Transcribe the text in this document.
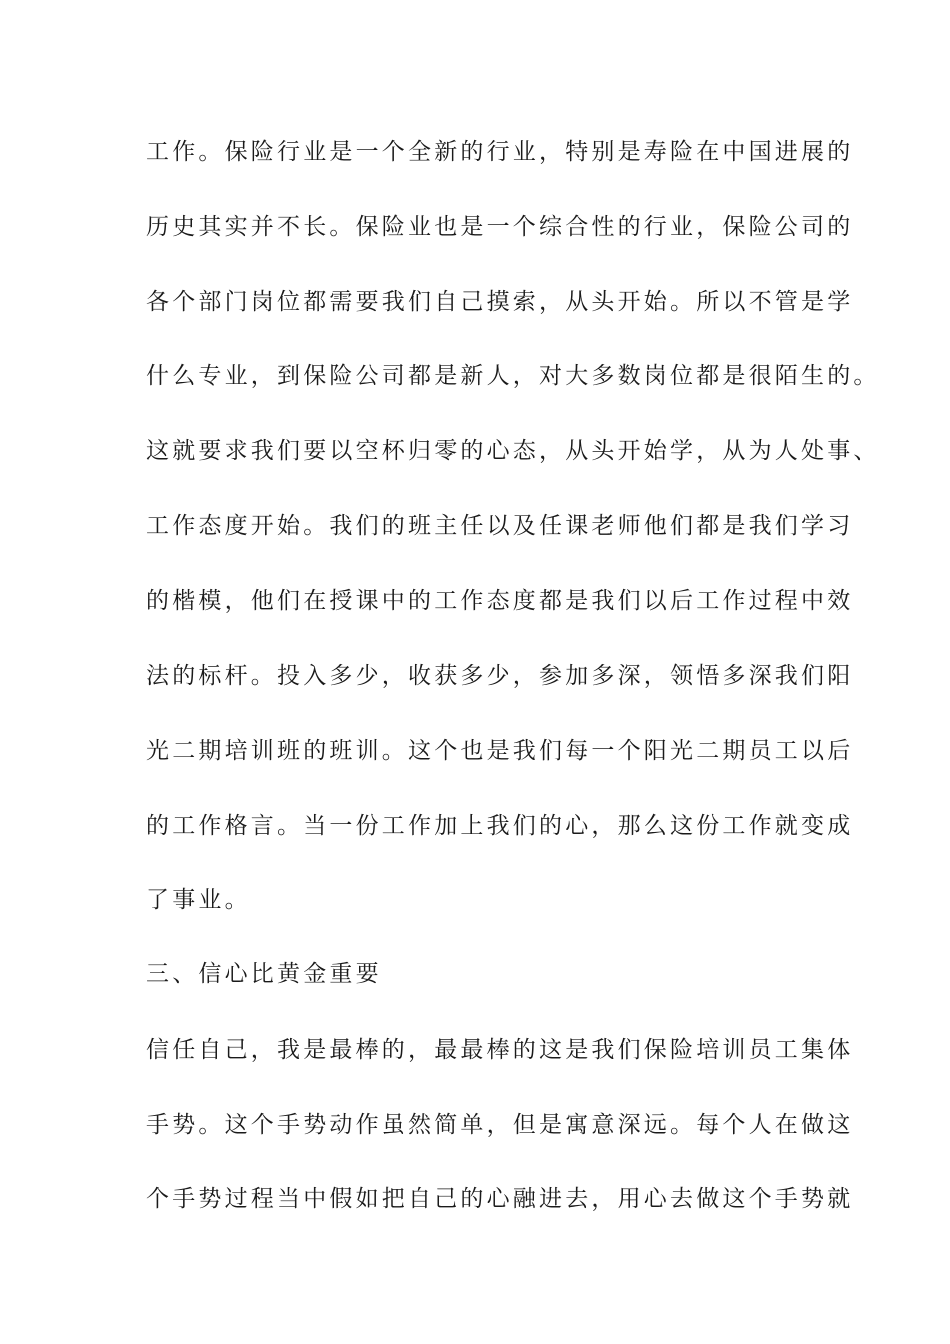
工作。保险行业是一个全新的行业，特别是寿险在中国进展的
历史其实并不长。保险业也是一个综合性的行业，保险公司的
各个部门岗位都需要我们自己摸索，从头开始。所以不管是学
什么专业，到保险公司都是新人，对大多数岗位都是很陌生的。
这就要求我们要以空杯归零的心态，从头开始学，从为人处事、
工作态度开始。我们的班主任以及任课老师他们都是我们学习
的楷模，他们在授课中的工作态度都是我们以后工作过程中效
法的标杆。投入多少，收获多少，参加多深，领悟多深我们阳
光二期培训班的班训。这个也是我们每一个阳光二期员工以后
的工作格言。当一份工作加上我们的心，那么这份工作就变成
了事业。
三、信心比黄金重要
信任自己，我是最棒的，最最棒的这是我们保险培训员工集体
手势。这个手势动作虽然简单，但是寓意深远。每个人在做这
个手势过程当中假如把自己的心融进去，用心去做这个手势就
